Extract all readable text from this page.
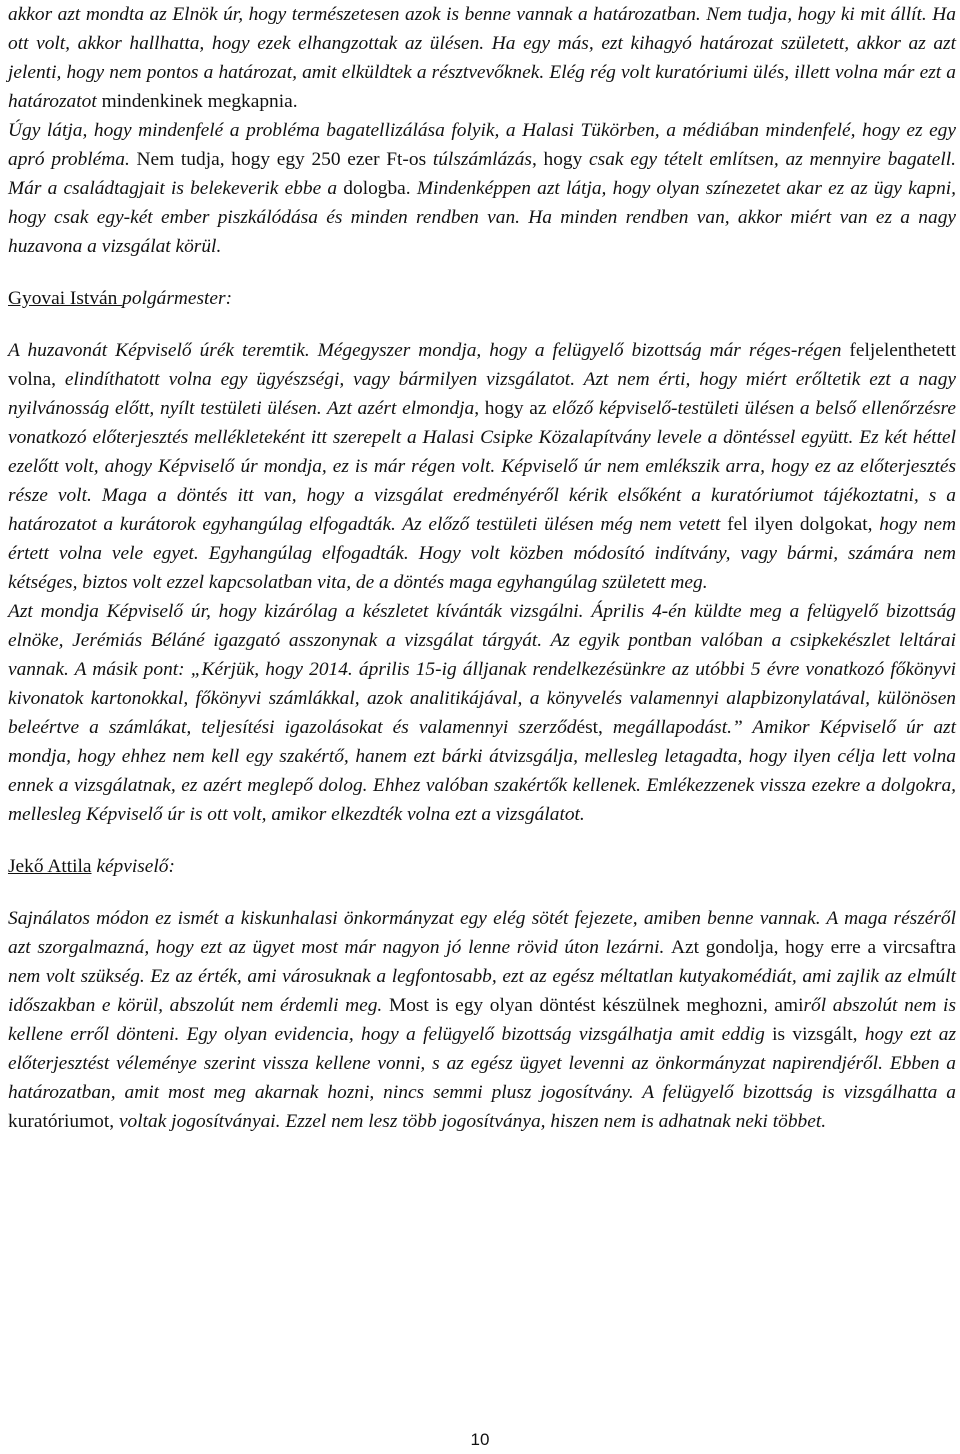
akkor azt mondta az Elnök úr, hogy természetesen azok is benne vannak a határozatban. Nem tudja, hogy ki mit állít. Ha ott volt, akkor hallhatta, hogy ezek elhangzottak az ülésen. Ha egy más, ezt kihagyó határozat született, akkor az azt jelenti, hogy nem pontos a határozat, amit elküldtek a résztvevőknek. Elég rég volt kuratóriumi ülés, illett volna már ezt a határozatot mindenkinek megkapnia.

Úgy látja, hogy mindenfelé a probléma bagatellizálása folyik, a Halasi Tükörben, a médiában mindenfelé, hogy ez egy apró probléma. Nem tudja, hogy egy 250 ezer Ft-os túlszámlázás, hogy csak egy tételt említsen, az mennyire bagatell. Már a családtagjait is belekeverik ebbe a dologba. Mindenképpen azt látja, hogy olyan színezetet akar ez az ügy kapni, hogy csak egy-két ember piszkálódása és minden rendben van. Ha minden rendben van, akkor miért van ez a nagy huzavona a vizsgálat körül.

Gyovai István polgármester:

A huzavonát Képviselő úrék teremtik. Mégegyszer mondja, hogy a felügyelő bizottság már réges-régen feljelenthetett volna, elindíthatott volna egy ügyészségi, vagy bármilyen vizsgálatot. Azt nem érti, hogy miért erőltetik ezt a nagy nyilvánosság előtt, nyílt testületi ülésen. Azt azért elmondja, hogy az előző képviselő-testületi ülésen a belső ellenőrzésre vonatkozó előterjesztés mellékleteként itt szerepelt a Halasi Csipke Közalapítvány levele a döntéssel együtt. Ez két héttel ezelőtt volt, ahogy Képviselő úr mondja, ez is már régen volt. Képviselő úr nem emlékszik arra, hogy ez az előterjesztés része volt. Maga a döntés itt van, hogy a vizsgálat eredményéről kérik elsőként a kuratóriumot tájékoztatni, s a határozatot a kurátorok egyhangúlag elfogadták. Az előző testületi ülésen még nem vetett fel ilyen dolgokat, hogy nem értett volna vele egyet. Egyhangúlag elfogadták. Hogy volt közben módosító indítvány, vagy bármi, számára nem kétséges, biztos volt ezzel kapcsolatban vita, de a döntés maga egyhangúlag született meg.

Azt mondja Képviselő úr, hogy kizárólag a készletet kívánták vizsgálni. Április 4-én küldte meg a felügyelő bizottság elnöke, Jerémiás Béláné igazgató asszonynak a vizsgálat tárgyát. Az egyik pontban valóban a csipkekészlet leltárai vannak. A másik pont: „Kérjük, hogy 2014. április 15-ig álljanak rendelkezésünkre az utóbbi 5 évre vonatkozó főkönyvi kivonatok kartonokkal, főkönyvi számlákkal, azok analitikájával, a könyvelés valamennyi alapbizonylatával, különösen beleértve a számlákat, teljesítési igazolásokat és valamennyi szerződést, megállapodást.” Amikor Képviselő úr azt mondja, hogy ehhez nem kell egy szakértő, hanem ezt bárki átvizsgálja, mellesleg letagadta, hogy ilyen célja lett volna ennek a vizsgálatnak, ez azért meglepő dolog. Ehhez valóban szakértők kellenek. Emlékezzenek vissza ezekre a dolgokra, mellesleg Képviselő úr is ott volt, amikor elkezdték volna ezt a vizsgálatot.

Jekő Attila képviselő:

Sajnálatos módon ez ismét a kiskunhalasi önkormányzat egy elég sötét fejezete, amiben benne vannak. A maga részéről azt szorgalmazná, hogy ezt az ügyet most már nagyon jó lenne rövid úton lezárni. Azt gondolja, hogy erre a vircsaftra nem volt szükség. Ez az érték, ami városuknak a legfontosabb, ezt az egész méltatlan kutyakomédiát, ami zajlik az elmúlt időszakban e körül, abszolút nem érdemli meg. Most is egy olyan döntést készülnek meghozni, amiről abszolút nem is kellene erről dönteni. Egy olyan evidencia, hogy a felügyelő bizottság vizsgálhatja amit eddig is vizsgált, hogy ezt az előterjesztést véleménye szerint vissza kellene vonni, s az egész ügyet levenni az önkormányzat napirendjéről. Ebben a határozatban, amit most meg akarnak hozni, nincs semmi plusz jogosítvány. A felügyelő bizottság is vizsgálhatta a kuratóriumot, voltak jogosítványai. Ezzel nem lesz több jogosítványa, hiszen nem is adhatnak neki többet.

10
